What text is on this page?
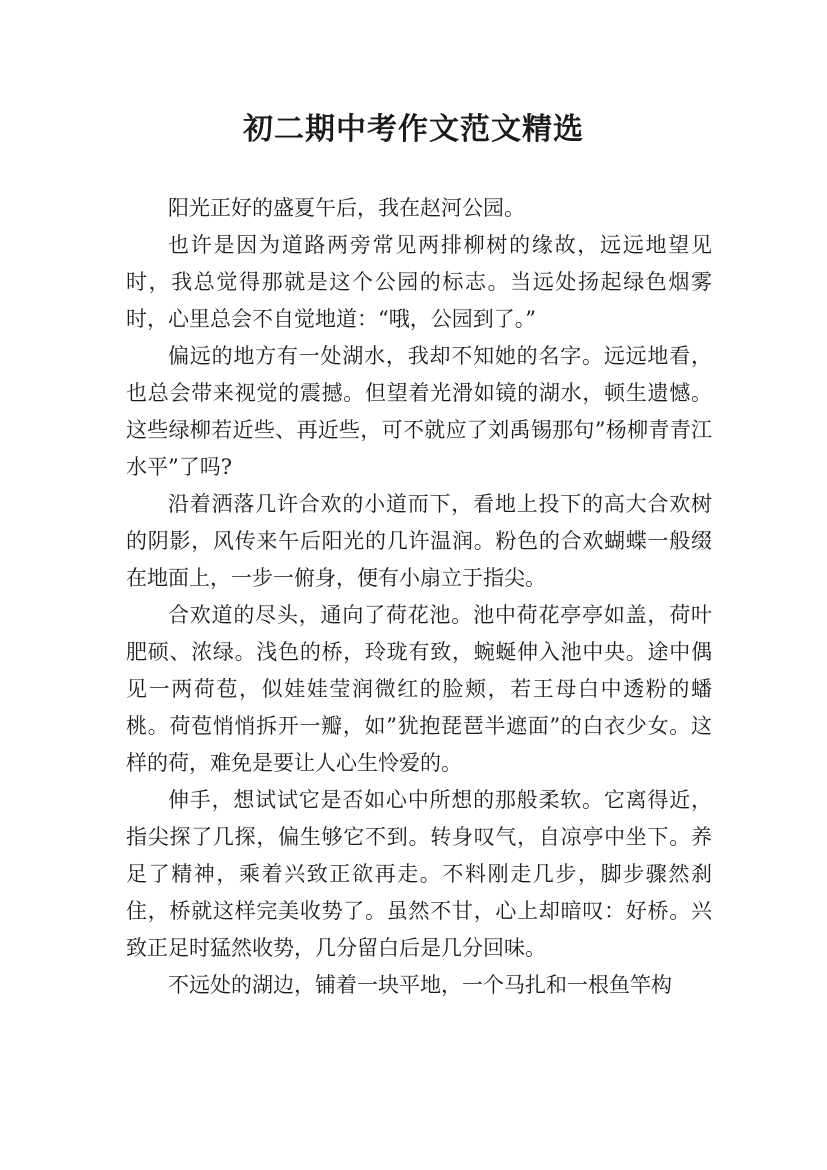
初二期中考作文范文精选

阳光正好的盛夏午后，我在赵河公园。

也许是因为道路两旁常见两排柳树的缘故，远远地望见时，我总觉得那就是这个公园的标志。当远处扬起绿色烟雾时，心里总会不自觉地道：“哦，公园到了。”

偏远的地方有一处湖水，我却不知她的名字。远远地看，也总会带来视觉的震撼。但望着光滑如镜的湖水，顿生遗憾。这些绿柳若近些、再近些，可不就应了刘禹锡那句”杨柳青青江水平”了吗?

沿着洒落几许合欢的小道而下，看地上投下的高大合欢树的阴影，风传来午后阳光的几许温润。粉色的合欢蝴蝶一般缀在地面上，一步一俯身，便有小扇立于指尖。

合欢道的尽头，通向了荷花池。池中荷花亭亭如盖，荷叶肥硕、浓绿。浅色的桥，玲珑有致，蜿蜒伸入池中央。途中偶见一两荷苞，似娃娃莹润微红的脸颊，若王母白中透粉的蟠桃。荷苞悄悄拆开一瓣，如”犹抱琵琶半遮面”的白衣少女。这样的荷，难免是要让人心生怜爱的。

伸手，想试试它是否如心中所想的那般柔软。它离得近，指尖探了几探，偏生够它不到。转身叹气，自凉亭中坐下。养足了精神，乘着兴致正欲再走。不料刚走几步，脚步骤然刹住，桥就这样完美收势了。虽然不甘，心上却暗叹：好桥。兴致正足时猛然收势，几分留白后是几分回味。

不远处的湖边，铺着一块平地，一个马扎和一根鱼竿构
